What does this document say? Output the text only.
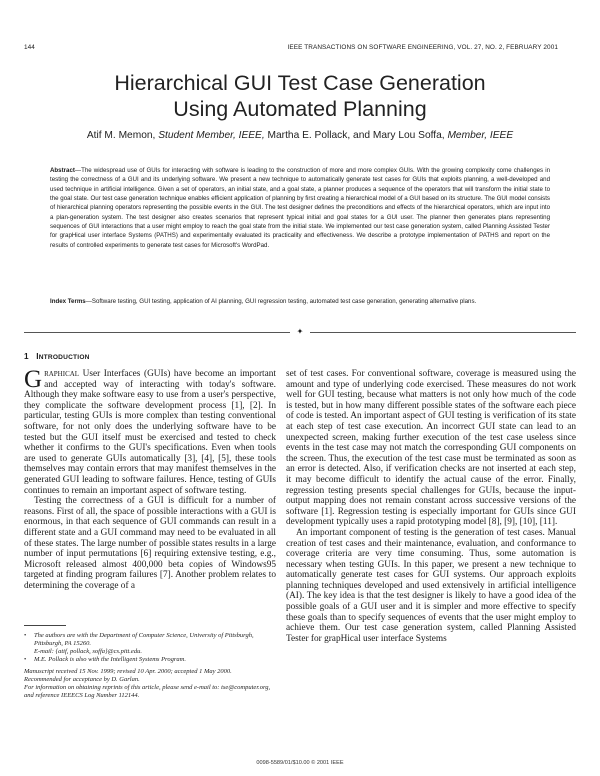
144	IEEE TRANSACTIONS ON SOFTWARE ENGINEERING, VOL. 27, NO. 2, FEBRUARY 2001
Hierarchical GUI Test Case Generation
Using Automated Planning
Atif M. Memon, Student Member, IEEE, Martha E. Pollack, and Mary Lou Soffa, Member, IEEE
Abstract—The widespread use of GUIs for interacting with software is leading to the construction of more and more complex GUIs. With the growing complexity come challenges in testing the correctness of a GUI and its underlying software. We present a new technique to automatically generate test cases for GUIs that exploits planning, a well-developed and used technique in artificial intelligence. Given a set of operators, an initial state, and a goal state, a planner produces a sequence of the operators that will transform the initial state to the goal state. Our test case generation technique enables efficient application of planning by first creating a hierarchical model of a GUI based on its structure. The GUI model consists of hierarchical planning operators representing the possible events in the GUI. The test designer defines the preconditions and effects of the hierarchical operators, which are input into a plan-generation system. The test designer also creates scenarios that represent typical initial and goal states for a GUI user. The planner then generates plans representing sequences of GUI interactions that a user might employ to reach the goal state from the initial state. We implemented our test case generation system, called Planning Assisted Tester for grapHical user interface Systems (PATHS) and experimentally evaluated its practicality and effectiveness. We describe a prototype implementation of PATHS and report on the results of controlled experiments to generate test cases for Microsoft's WordPad.
Index Terms—Software testing, GUI testing, application of AI planning, GUI regression testing, automated test case generation, generating alternative plans.
✦
1 INTRODUCTION

Graphical User Interfaces (GUIs) have become an important and accepted way of interacting with today's software. Although they make software easy to use from a user's perspective, they complicate the software development process [1], [2]. In particular, testing GUIs is more complex than testing conventional software, for not only does the underlying software have to be tested but the GUI itself must be exercised and tested to check whether it confirms to the GUI's specifications. Even when tools are used to generate GUIs automatically [3], [4], [5], these tools themselves may contain errors that may manifest themselves in the generated GUI leading to software failures. Hence, testing of GUIs continues to remain an important aspect of software testing.

Testing the correctness of a GUI is difficult for a number of reasons. First of all, the space of possible interactions with a GUI is enormous, in that each sequence of GUI commands can result in a different state and a GUI command may need to be evaluated in all of these states. The large number of possible states results in a large number of input permutations [6] requiring extensive testing, e.g., Microsoft released almost 400,000 beta copies of Windows95 targeted at finding program failures [7]. Another problem relates to determining the coverage of a

set of test cases. For conventional software, coverage is measured using the amount and type of underlying code exercised. These measures do not work well for GUI testing, because what matters is not only how much of the code is tested, but in how many different possible states of the software each piece of code is tested. An important aspect of GUI testing is verification of its state at each step of test case execution. An incorrect GUI state can lead to an unexpected screen, making further execution of the test case useless since events in the test case may not match the corresponding GUI components on the screen. Thus, the execution of the test case must be terminated as soon as an error is detected. Also, if verification checks are not inserted at each step, it may become difficult to identify the actual cause of the error. Finally, regression testing presents special challenges for GUIs, because the input-output mapping does not remain constant across successive versions of the software [1]. Regression testing is especially important for GUIs since GUI development typically uses a rapid prototyping model [8], [9], [10], [11].

An important component of testing is the generation of test cases. Manual creation of test cases and their maintenance, evaluation, and conformance to coverage criteria are very time consuming. Thus, some automation is necessary when testing GUIs. In this paper, we present a new technique to automatically generate test cases for GUI systems. Our approach exploits planning techniques developed and used extensively in artificial intelligence (AI). The key idea is that the test designer is likely to have a good idea of the possible goals of a GUI user and it is simpler and more effective to specify these goals than to specify sequences of events that the user might employ to achieve them. Our test case generation system, called Planning Assisted Tester for grapHical user interface Systems

• The authors are with the Department of Computer Science, University of Pittsburgh, Pittsburgh, PA 15260.
E-mail: {atif, pollack, soffa}@cs.pitt.edu.
• M.E. Pollack is also with the Intelligent Systems Program.
Manuscript received 15 Nov. 1999; revised 10 Apr. 2000; accepted 1 May 2000.
Recommended for acceptance by D. Garlan.
For information on obtaining reprints of this article, please send e-mail to: tse@computer.org, and reference IEEECS Log Number 112144.
0098-5589/01/$10.00 © 2001 IEEE
